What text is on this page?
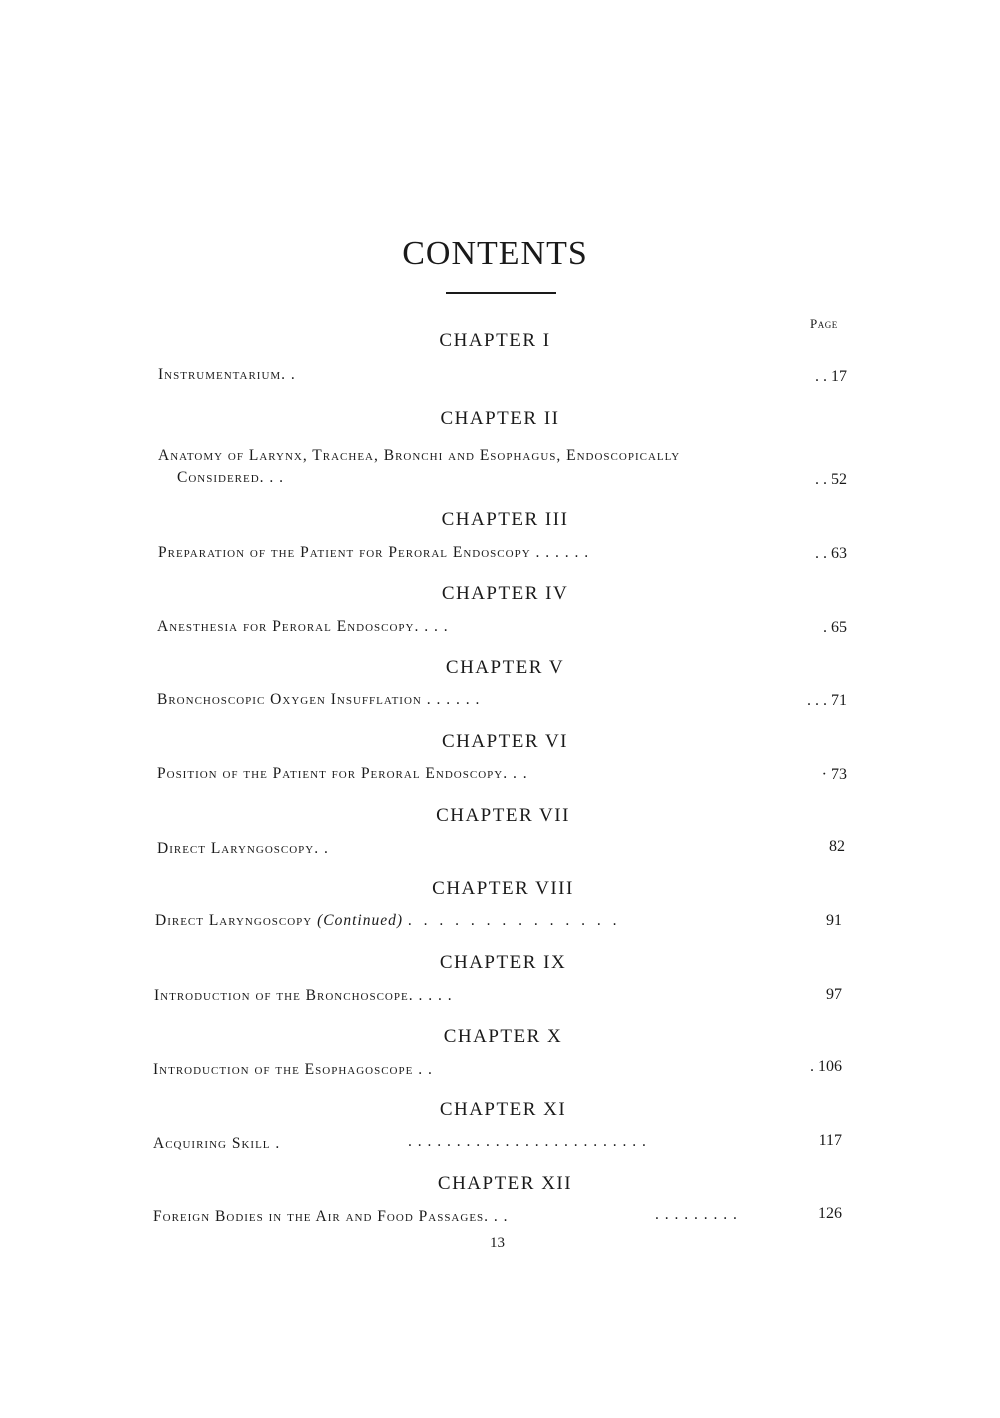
CONTENTS
Page
CHAPTER I
Instrumentarium. .	. . 17
CHAPTER II
Anatomy of Larynx, Trachea, Bronchi and Esophagus, Endoscopically
Considered. . .	. . 52
CHAPTER III
Preparation of the Patient for Peroral Endoscopy . . . . . .	. . 63
CHAPTER IV
Anesthesia for Peroral Endoscopy. . . .	. 65
CHAPTER V
Bronchoscopic Oxygen Insufflation . . . . . .	. . . 71
CHAPTER VI
Position of the Patient for Peroral Endoscopy. . .	· 73
CHAPTER VII
Direct Laryngoscopy. .	82
CHAPTER VIII
Direct Laryngoscopy (Continued) . . . . . . . . . . . . . .	91
CHAPTER IX
Introduction of the Bronchoscope. . . . .	97
CHAPTER X
Introduction of the Esophagoscope . .	. 106
CHAPTER XI
Acquiring Skill .	. . . . . . . . . . . . . . . . . . . . . . . . .	117
CHAPTER XII
Foreign Bodies in the Air and Food Passages. . .	. . . . . . . . .	126
13
